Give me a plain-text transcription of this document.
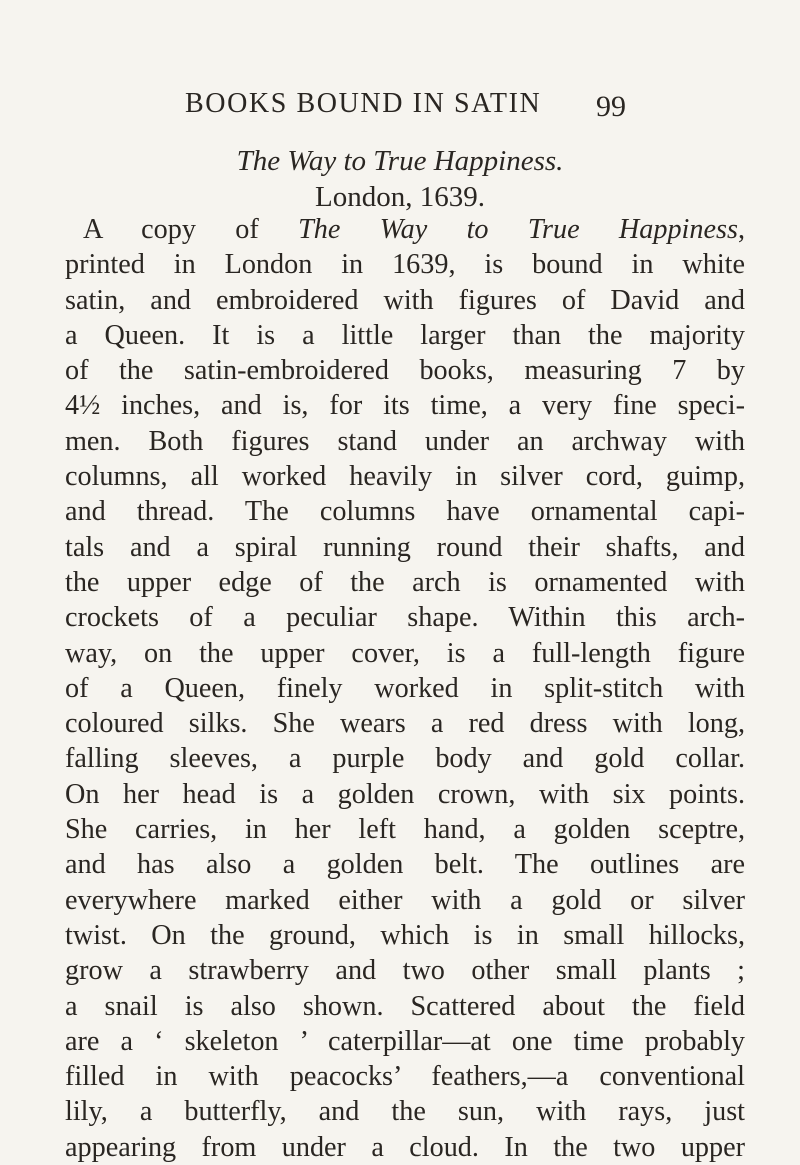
BOOKS BOUND IN SATIN 99
The Way to True Happiness.
London, 1639.
A copy of The Way to True Happiness,
printed in London in 1639, is bound in white
satin, and embroidered with figures of David and
a Queen. It is a little larger than the majority
of the satin-embroidered books, measuring 7 by
4½ inches, and is, for its time, a very fine speci-
men. Both figures stand under an archway with
columns, all worked heavily in silver cord, guimp,
and thread. The columns have ornamental capi-
tals and a spiral running round their shafts, and
the upper edge of the arch is ornamented with
crockets of a peculiar shape. Within this arch-
way, on the upper cover, is a full-length figure
of a Queen, finely worked in split-stitch with
coloured silks. She wears a red dress with long,
falling sleeves, a purple body and gold collar.
On her head is a golden crown, with six points.
She carries, in her left hand, a golden sceptre,
and has also a golden belt. The outlines are
everywhere marked either with a gold or silver
twist. On the ground, which is in small hillocks,
grow a strawberry and two other small plants ;
a snail is also shown. Scattered about the field
are a ‘ skeleton ’ caterpillar—at one time probably
filled in with peacocks’ feathers,—a conventional
lily, a butterfly, and the sun, with rays, just
appearing from under a cloud. In the two upper
